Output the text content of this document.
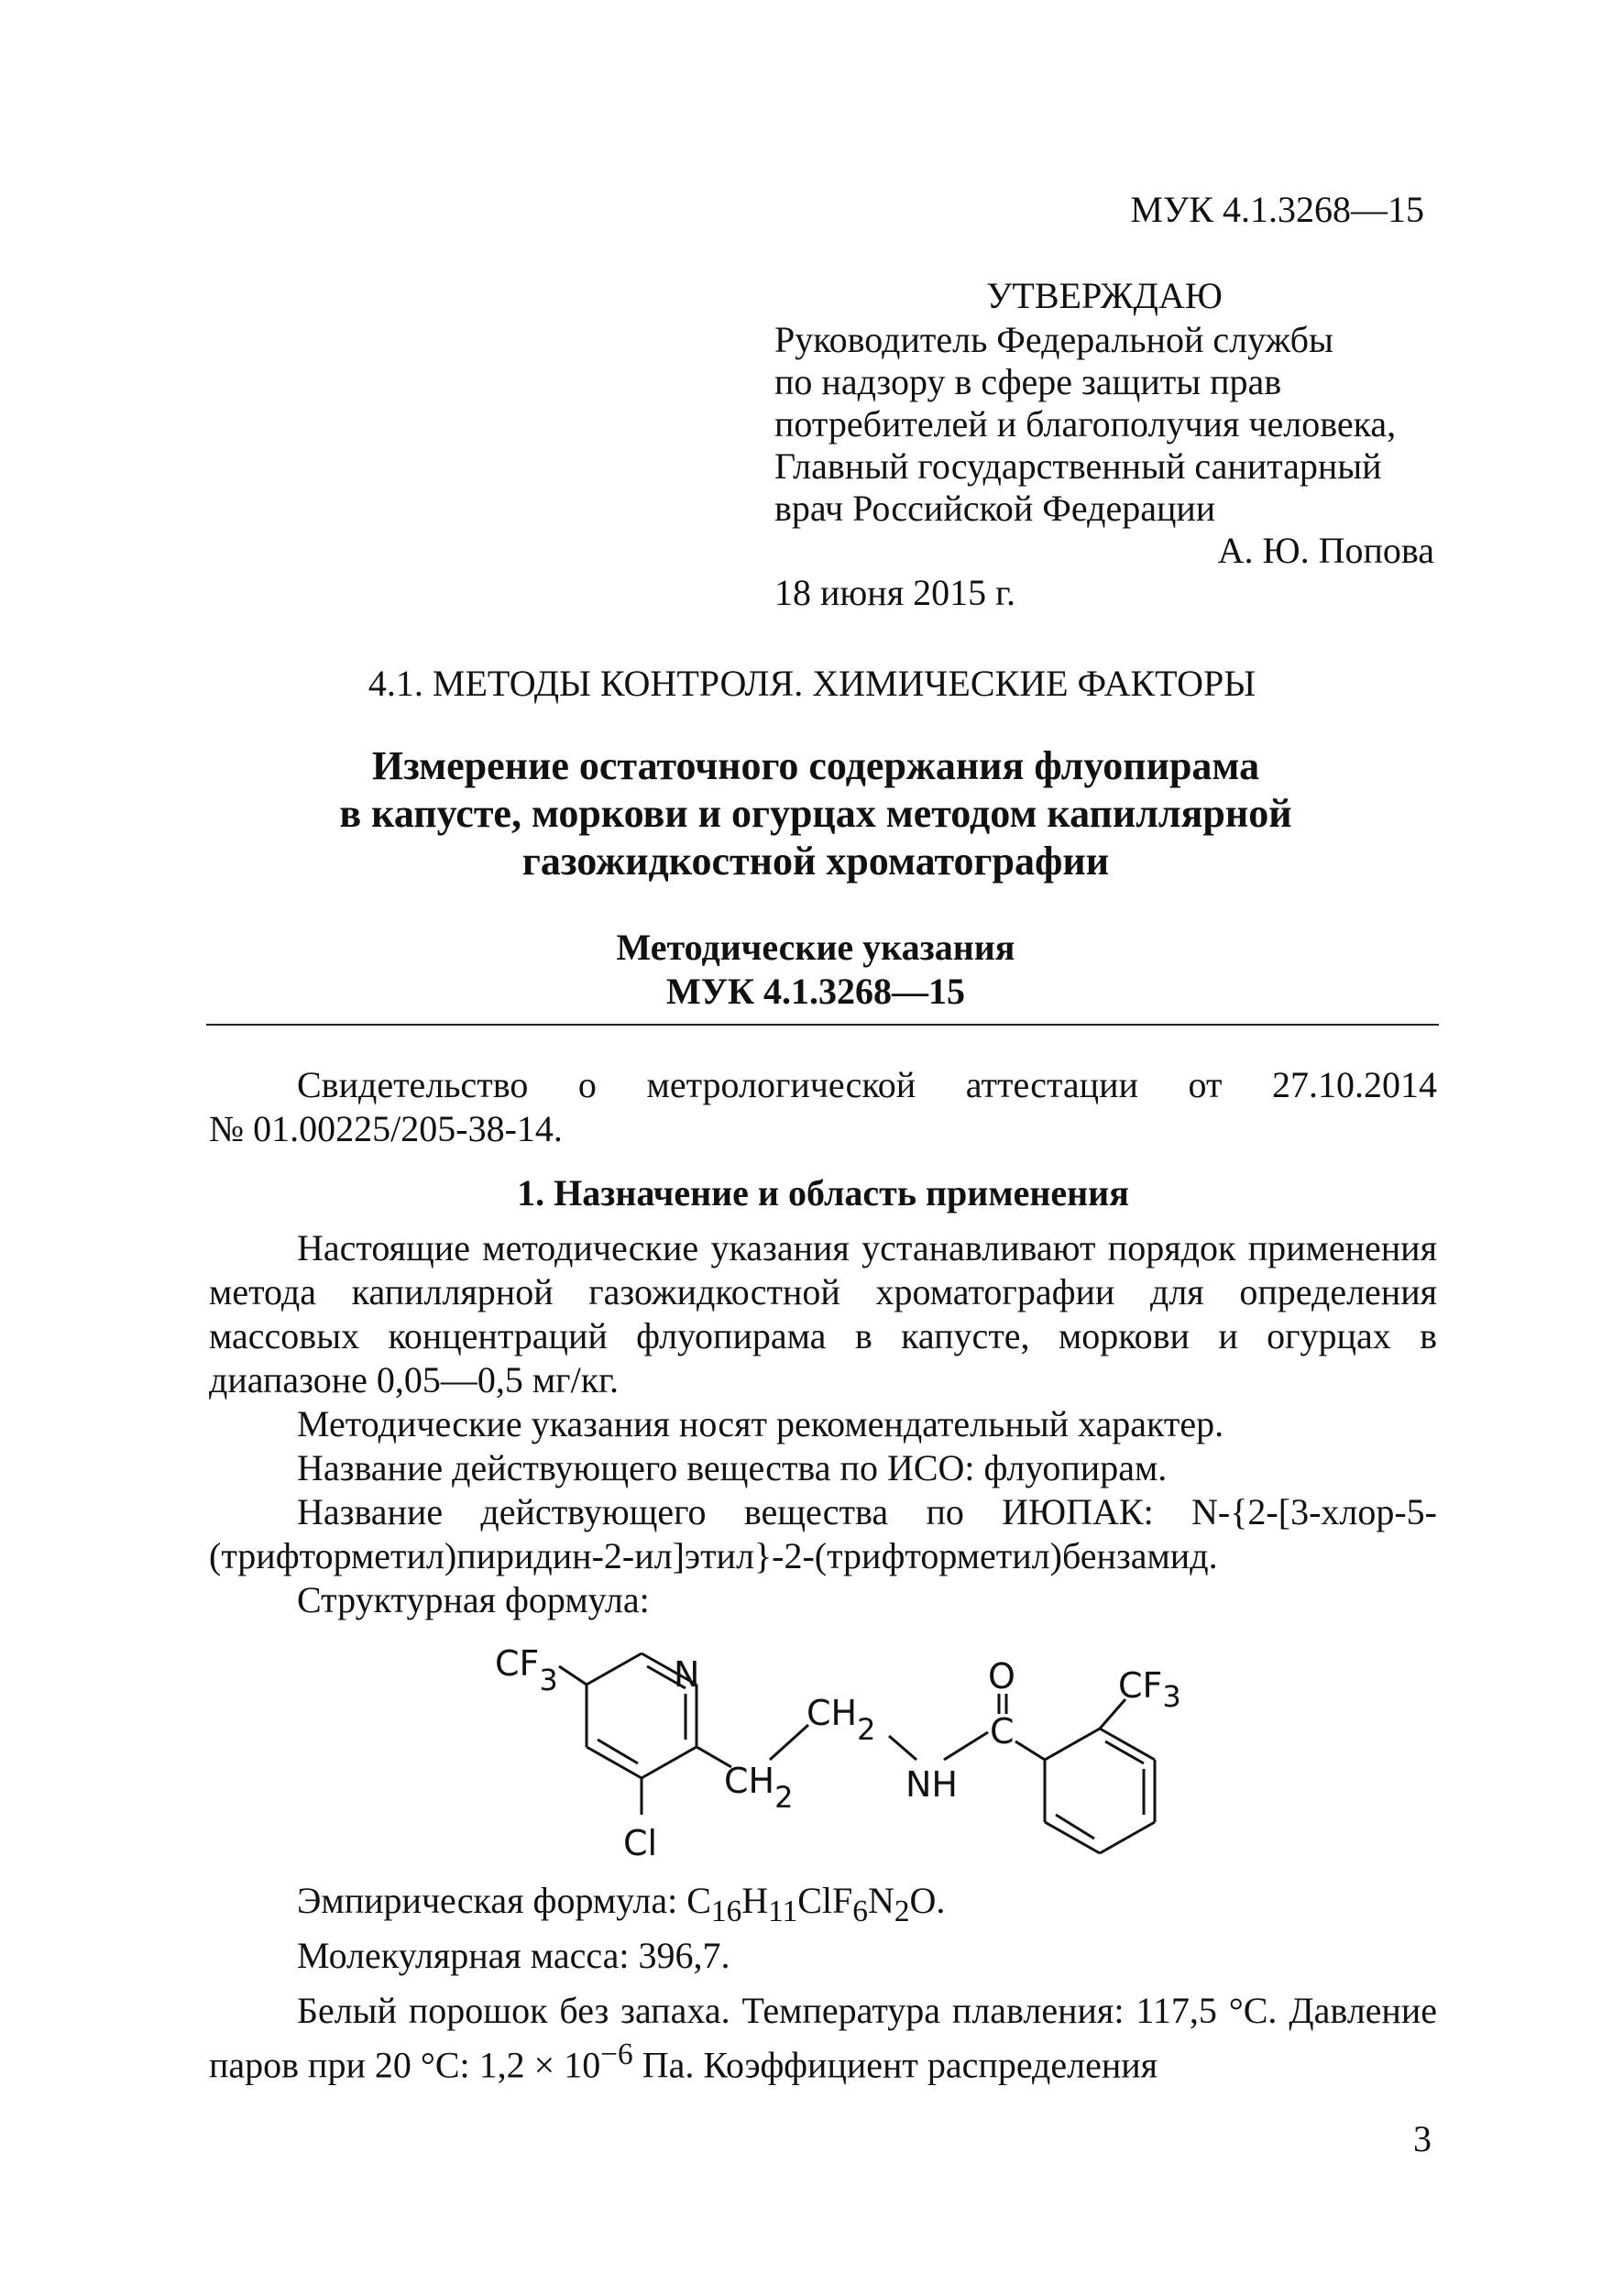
МУК 4.1.3268—15
УТВЕРЖДАЮ
Руководитель Федеральной службы
по надзору в сфере защиты прав
потребителей и благополучия человека,
Главный государственный санитарный
врач Российской Федерации
А. Ю. Попова
18 июня 2015 г.
4.1. МЕТОДЫ КОНТРОЛЯ. ХИМИЧЕСКИЕ ФАКТОРЫ
Измерение остаточного содержания флуопирама
в капусте, моркови и огурцах методом капиллярной
газожидкостной хроматографии
Методические указания
МУК 4.1.3268—15
Свидетельство о метрологической аттестации от 27.10.2014
№ 01.00225/205-38-14.
1. Назначение и область применения
Настоящие методические указания устанавливают порядок применения метода капиллярной газожидкостной хроматографии для определения массовых концентраций флуопирама в капусте, моркови и огурцах в диапазоне 0,05—0,5 мг/кг.
Методические указания носят рекомендательный характер.
Название действующего вещества по ИСО: флуопирам.
Название действующего вещества по ИЮПАК: N-{2-[3-хлор-5-(трифторметил)пиридин-2-ил]этил}-2-(трифторметил)бензамид.
Структурная формула:
$CF_3$	N
$CH_2$
$CH_2$	NH
O
C
$CF_3$
Cl
Эмпирическая формула: $C_{16}H_{11}ClF_6N_2O$.
Молекулярная масса: 396,7.
Белый порошок без запаха. Температура плавления: 117,5 °C. Давление паров при 20 °C: $1,2 \times 10^{-6}$ Па. Коэффициент распределения
3
